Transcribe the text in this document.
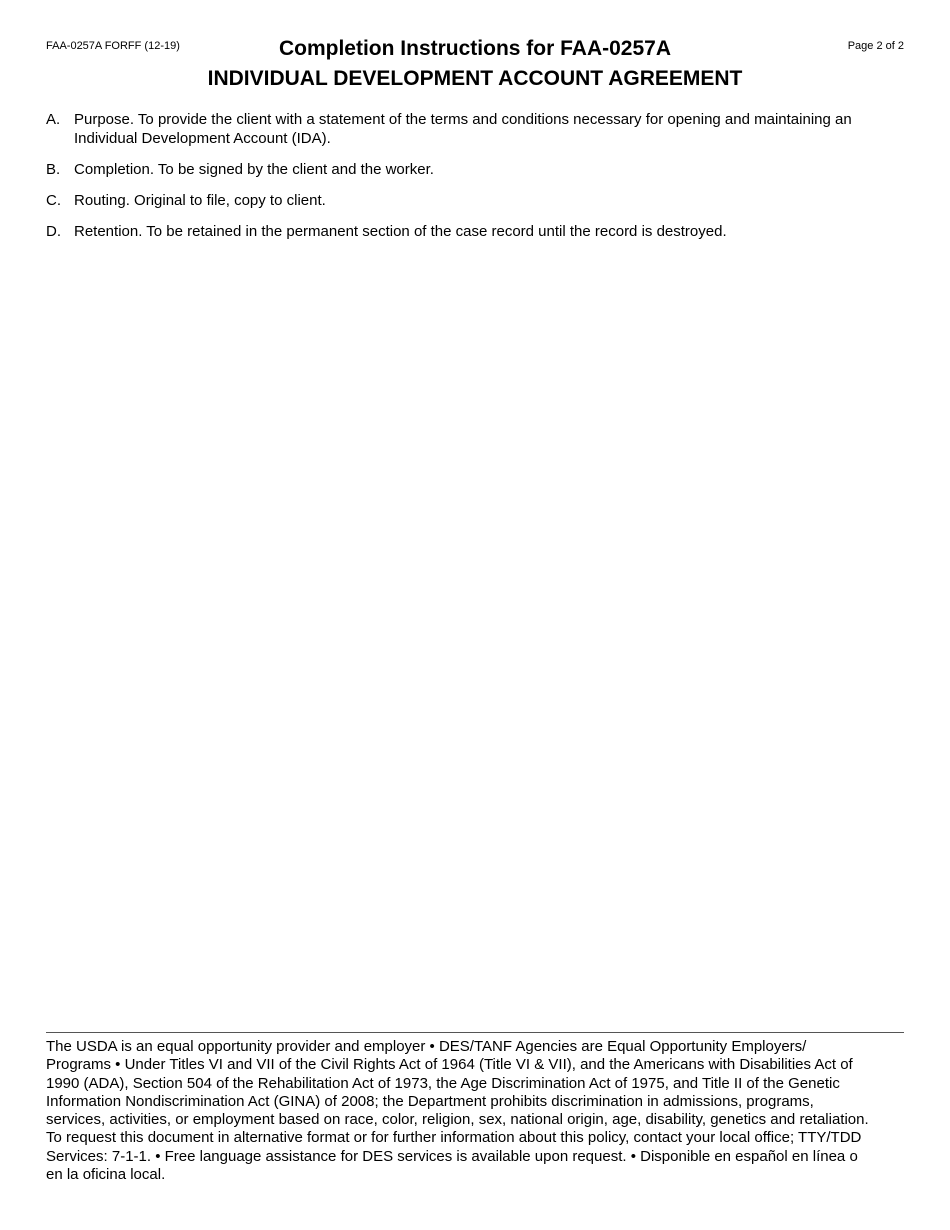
FAA-0257A FORFF (12-19)	Page 2 of 2
Completion Instructions for FAA-0257A
INDIVIDUAL DEVELOPMENT ACCOUNT AGREEMENT
A. Purpose. To provide the client with a statement of the terms and conditions necessary for opening and maintaining an Individual Development Account (IDA).
B. Completion. To be signed by the client and the worker.
C. Routing. Original to file, copy to client.
D. Retention. To be retained in the permanent section of the case record until the record is destroyed.
The USDA is an equal opportunity provider and employer • DES/TANF Agencies are Equal Opportunity Employers/
Programs • Under Titles VI and VII of the Civil Rights Act of 1964 (Title VI & VII), and the Americans with Disabilities Act of
1990 (ADA), Section 504 of the Rehabilitation Act of 1973, the Age Discrimination Act of 1975, and Title II of the Genetic
Information Nondiscrimination Act (GINA) of 2008; the Department prohibits discrimination in admissions, programs,
services, activities, or employment based on race, color, religion, sex, national origin, age, disability, genetics and retaliation.
To request this document in alternative format or for further information about this policy, contact your local office; TTY/TDD
Services: 7-1-1. • Free language assistance for DES services is available upon request. • Disponible en español en línea o
en la oficina local.
